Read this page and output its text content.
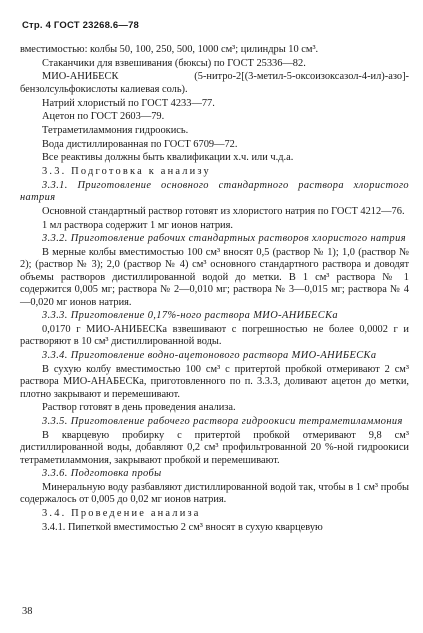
Стр. 4 ГОСТ 23268.6—78

вместимостью: колбы 50, 100, 250, 500, 1000 см³; цилиндры 10 см³.

Стаканчики для взвешивания (бюксы) по ГОСТ 25336—82.

МИО-АНИБЕСК (5-нитро-2[(3-метил-5-оксоизоксазол-4-ил)-азо]-бензолсульфокислоты калиевая соль).

Натрий хлористый по ГОСТ 4233—77.

Ацетон по ГОСТ 2603—79.

Тетраметиламмония гидроокись.

Вода дистиллированная по ГОСТ 6709—72.

Все реактивы должны быть квалификации х.ч. или ч.д.а.

3.3. Подготовка к анализу

3.3.1. Приготовление основного стандартного раствора хлористого натрия

Основной стандартный раствор готовят из хлористого натрия по ГОСТ 4212—76.

1 мл раствора содержит 1 мг ионов натрия.

3.3.2. Приготовление рабочих стандартных растворов хлористого натрия

В мерные колбы вместимостью 100 см³ вносят 0,5 (раствор № 1); 1,0 (раствор № 2); (раствор № 3); 2,0 (раствор № 4) см³ основного стандартного раствора и доводят объемы растворов дистиллированной водой до метки. В 1 см³ раствора № 1 содержится 0,005 мг; раствора № 2—0,010 мг; раствора № 3—0,015 мг; раствора № 4—0,020 мг ионов натрия.

3.3.3. Приготовление 0,17%-ного раствора МИО-АНИБЕСКа

0,0170 г МИО-АНИБЕСКа взвешивают с погрешностью не более 0,0002 г и растворяют в 10 см³ дистиллированной воды.

3.3.4. Приготовление водно-ацетонового раствора МИО-АНИБЕСКа

В сухую колбу вместимостью 100 см³ с притертой пробкой отмеривают 2 см³ раствора МИО-АНАБЕСКа, приготовленного по п. 3.3.3, доливают ацетон до метки, плотно закрывают и перемешивают.

Раствор готовят в день проведения анализа.

3.3.5. Приготовление рабочего раствора гидроокиси тетраметиламмония

В кварцевую пробирку с притертой пробкой отмеривают 9,8 см³ дистиллированной воды, добавляют 0,2 см³ профильтрованной 20 %-ной гидроокиси тетраметиламмония, закрывают пробкой и перемешивают.

3.3.6. Подготовка пробы

Минеральную воду разбавляют дистиллированной водой так, чтобы в 1 см³ пробы содержалось от 0,005 до 0,02 мг ионов натрия.

3.4. Проведение анализа

3.4.1. Пипеткой вместимостью 2 см³ вносят в сухую кварцевую

38
